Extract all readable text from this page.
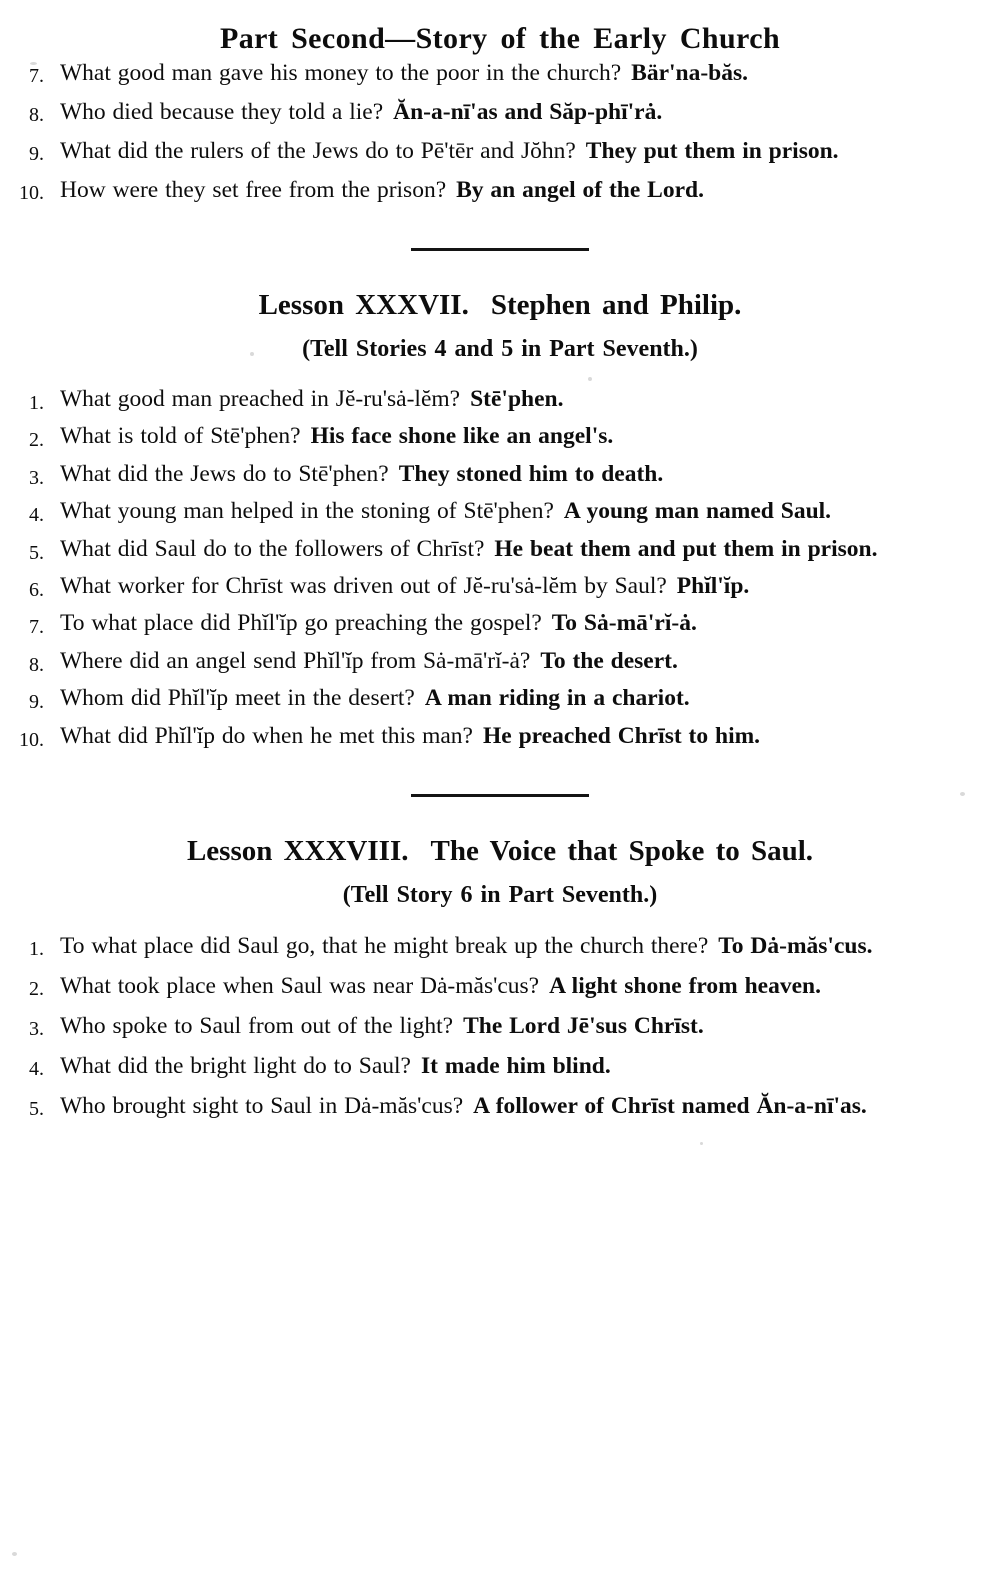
Part Second—Story of the Early Church
7. What good man gave his money to the poor in the church? Bär'na-băs.
8. Who died because they told a lie? Ăn-a-nī'as and Săp-phī'rȧ.
9. What did the rulers of the Jews do to Pē'tēr and Jŏhn? They put them in prison.
10. How were they set free from the prison? By an angel of the Lord.
Lesson XXXVII. Stephen and Philip.
(Tell Stories 4 and 5 in Part Seventh.)
1. What good man preached in Jĕ-ru'sȧ-lĕm? Stē'phen.
2. What is told of Stē'phen? His face shone like an angel's.
3. What did the Jews do to Stē'phen? They stoned him to death.
4. What young man helped in the stoning of Stē'phen? A young man named Saul.
5. What did Saul do to the followers of Chrīst? He beat them and put them in prison.
6. What worker for Chrīst was driven out of Jĕ-ru'sȧ-lĕm by Saul? Phĭl'ĭp.
7. To what place did Phĭl'ĭp go preaching the gospel? To Sȧ-mā'rĭ-ȧ.
8. Where did an angel send Phĭl'ĭp from Sȧ-mā'rĭ-ȧ? To the desert.
9. Whom did Phĭl'ĭp meet in the desert? A man riding in a chariot.
10. What did Phĭl'ĭp do when he met this man? He preached Chrīst to him.
Lesson XXXVIII. The Voice that Spoke to Saul.
(Tell Story 6 in Part Seventh.)
1. To what place did Saul go, that he might break up the church there? To Dȧ-măs'cus.
2. What took place when Saul was near Dȧ-măs'cus? A light shone from heaven.
3. Who spoke to Saul from out of the light? The Lord Jē'sus Chrīst.
4. What did the bright light do to Saul? It made him blind.
5. Who brought sight to Saul in Dȧ-măs'cus? A follower of Chrīst named Ăn-a-nī'as.
